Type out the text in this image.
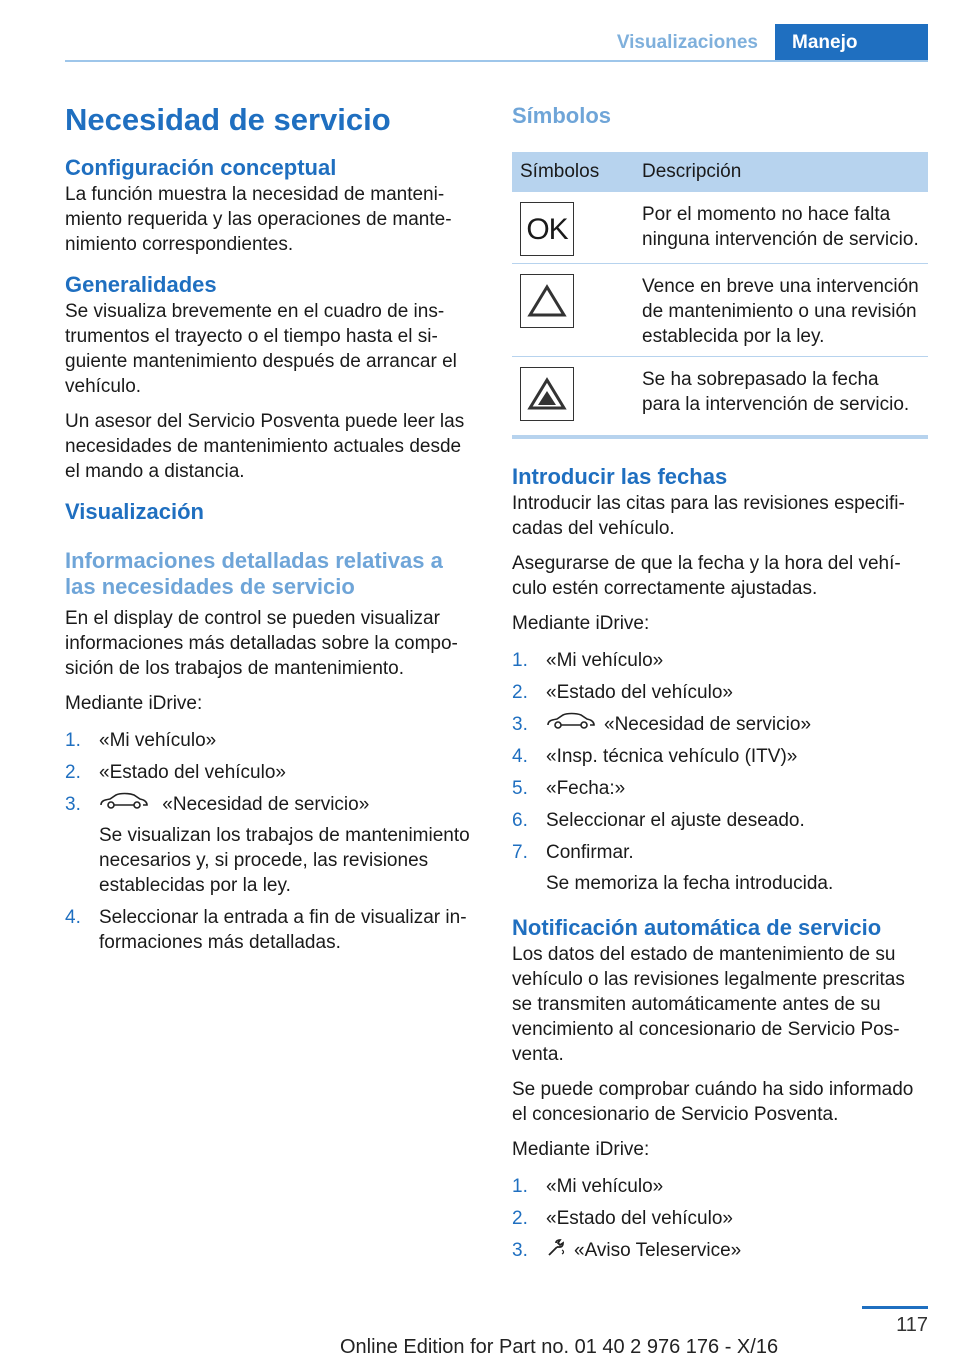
Visualizaciones	Manejo
Necesidad de servicio
Configuración conceptual

La función muestra la necesidad de mantenimiento requerida y las operaciones de mantenimiento correspondientes.

Generalidades

Se visualiza brevemente en el cuadro de instrumentos el trayecto o el tiempo hasta el siguiente mantenimiento después de arrancar el vehículo.

Un asesor del Servicio Posventa puede leer las necesidades de mantenimiento actuales desde el mando a distancia.

Visualización
Informaciones detalladas relativas a las necesidades de servicio

En el display de control se pueden visualizar informaciones más detalladas sobre la composición de los trabajos de mantenimiento.

Mediante iDrive:

1. «Mi vehículo»
2. «Estado del vehículo»
3.	«Necesidad de servicio»
Se visualizan los trabajos de mantenimiento necesarios y, si procede, las revisiones establecidas por la ley.
4. Seleccionar la entrada a fin de visualizar informaciones más detalladas.
Símbolos
Símbolos	Descripción

OK	Por el momento no hace falta ninguna intervención de servicio.

	Vence en breve una intervención de mantenimiento o una revisión establecida por la ley.

	Se ha sobrepasado la fecha para la intervención de servicio.
Introducir las fechas

Introducir las citas para las revisiones especificadas del vehículo.

Asegurarse de que la fecha y la hora del vehículo estén correctamente ajustadas.

Mediante iDrive:

1. «Mi vehículo»
2. «Estado del vehículo»
3.	«Necesidad de servicio»
4. «Insp. técnica vehículo (ITV)»
5. «Fecha:»
6. Seleccionar el ajuste deseado.
7. Confirmar.
Se memoriza la fecha introducida.
Notificación automática de servicio

Los datos del estado de mantenimiento de su vehículo o las revisiones legalmente prescritas se transmiten automáticamente antes de su vencimiento al concesionario de Servicio Posventa.

Se puede comprobar cuándo ha sido informado el concesionario de Servicio Posventa.

Mediante iDrive:

1. «Mi vehículo»
2. «Estado del vehículo»
3. «Aviso Teleservice»
117
Online Edition for Part no. 01 40 2 976 176 - X/16
